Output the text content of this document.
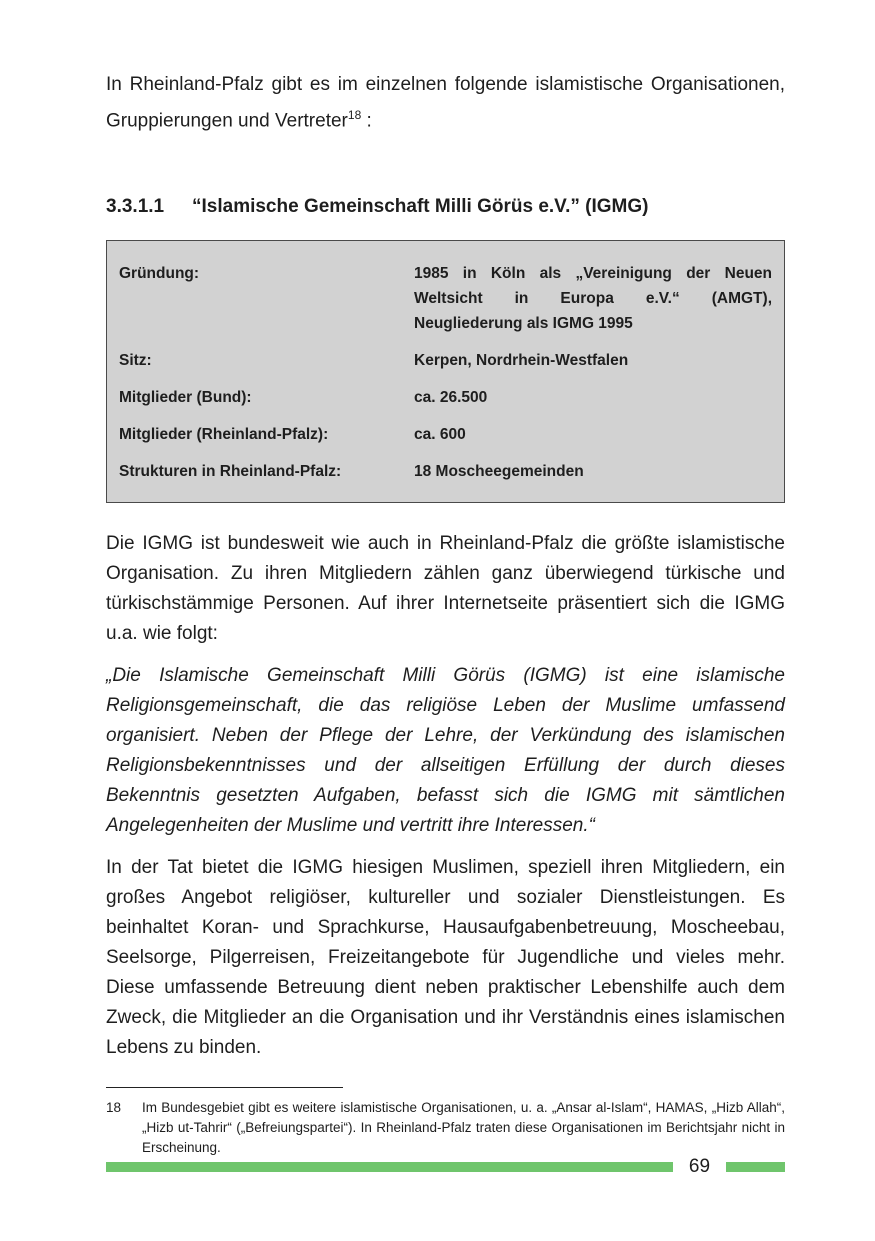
In Rheinland-Pfalz gibt es im einzelnen folgende islamistische Organisationen, Gruppierungen und Vertreter$^{18}$ :

3.3.1.1	“Islamische Gemeinschaft Milli Görüs e.V.” (IGMG)
Gründung:	1985 in Köln als „Vereinigung der Neuen Weltsicht in Europa e.V.“ (AMGT), Neugliederung als IGMG 1995
Sitz:	Kerpen, Nordrhein-Westfalen
Mitglieder (Bund):	ca. 26.500
Mitglieder (Rheinland-Pfalz):	ca. 600
Strukturen in Rheinland-Pfalz:	18 Moscheegemeinden

Die IGMG ist bundesweit wie auch in Rheinland-Pfalz die größte islamistische Organisation. Zu ihren Mitgliedern zählen ganz überwiegend türkische und türkischstämmige Personen. Auf ihrer Internetseite präsentiert sich die IGMG u.a. wie folgt:

„Die Islamische Gemeinschaft Milli Görüs (IGMG) ist eine islamische Religionsgemeinschaft, die das religiöse Leben der Muslime umfassend organisiert. Neben der Pflege der Lehre, der Verkündung des islamischen Religionsbekenntnisses und der allseitigen Erfüllung der durch dieses Bekenntnis gesetzten Aufgaben, befasst sich die IGMG mit sämtlichen Angelegenheiten der Muslime und vertritt ihre Interessen.“

In der Tat bietet die IGMG hiesigen Muslimen, speziell ihren Mitgliedern, ein großes Angebot religiöser, kultureller und sozialer Dienstleistungen. Es beinhaltet Koran- und Sprachkurse, Hausaufgabenbetreuung, Moscheebau, Seelsorge, Pilgerreisen, Freizeitangebote für Jugendliche und vieles mehr. Diese umfassende Betreuung dient neben praktischer Lebenshilfe auch dem Zweck, die Mitglieder an die Organisation und ihr Verständnis eines islamischen Lebens zu binden.

18	Im Bundesgebiet gibt es weitere islamistische Organisationen, u. a. „Ansar al-Islam“, HAMAS, „Hizb Allah“, „Hizb ut-Tahrir“ („Befreiungspartei“). In Rheinland-Pfalz traten diese Organisationen im Berichtsjahr nicht in Erscheinung.
69
